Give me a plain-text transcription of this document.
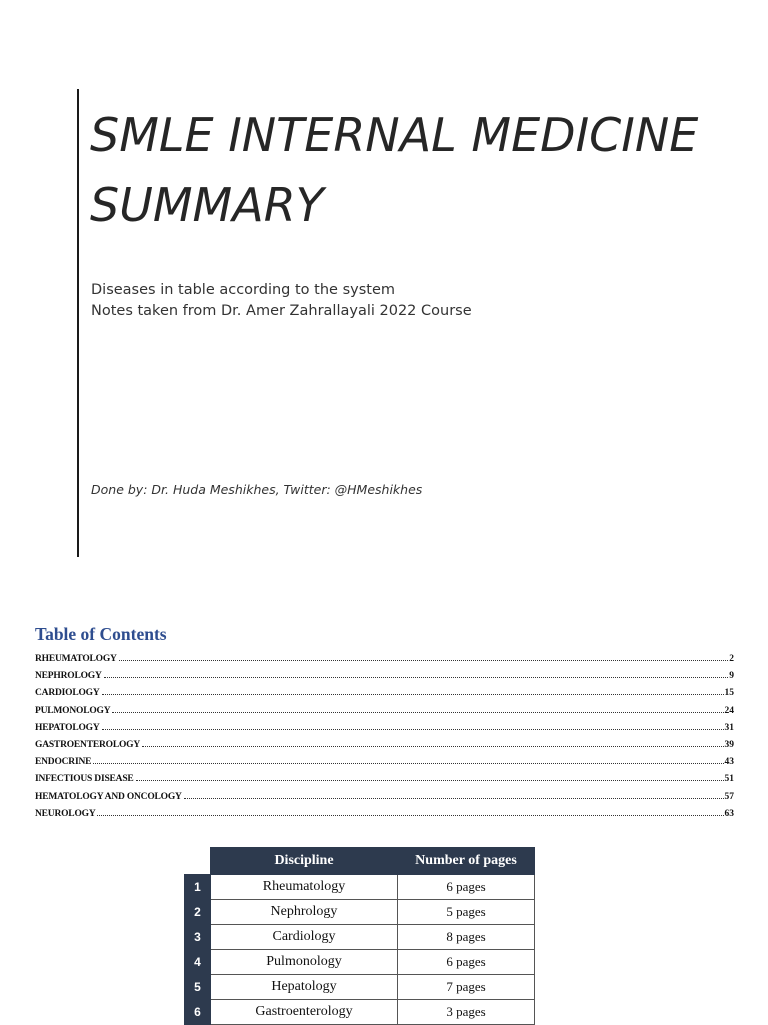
SMLE INTERNAL MEDICINE
SUMMARY
Diseases in table according to the system
Notes taken from Dr. Amer Zahrallayali 2022 Course
Done by: Dr. Huda Meshikhes, Twitter: @HMeshikhes
Table of Contents
RHEUMATOLOGY	2
NEPHROLOGY	9
CARDIOLOGY	15
PULMONOLOGY	24
HEPATOLOGY	31
GASTROENTEROLOGY	39
ENDOCRINE	43
INFECTIOUS DISEASE	51
HEMATOLOGY AND ONCOLOGY	57
NEUROLOGY	63
	Discipline	Number of pages
1	Rheumatology	6 pages
2	Nephrology	5 pages
3	Cardiology	8 pages
4	Pulmonology	6 pages
5	Hepatology	7 pages
6	Gastroenterology	3 pages
